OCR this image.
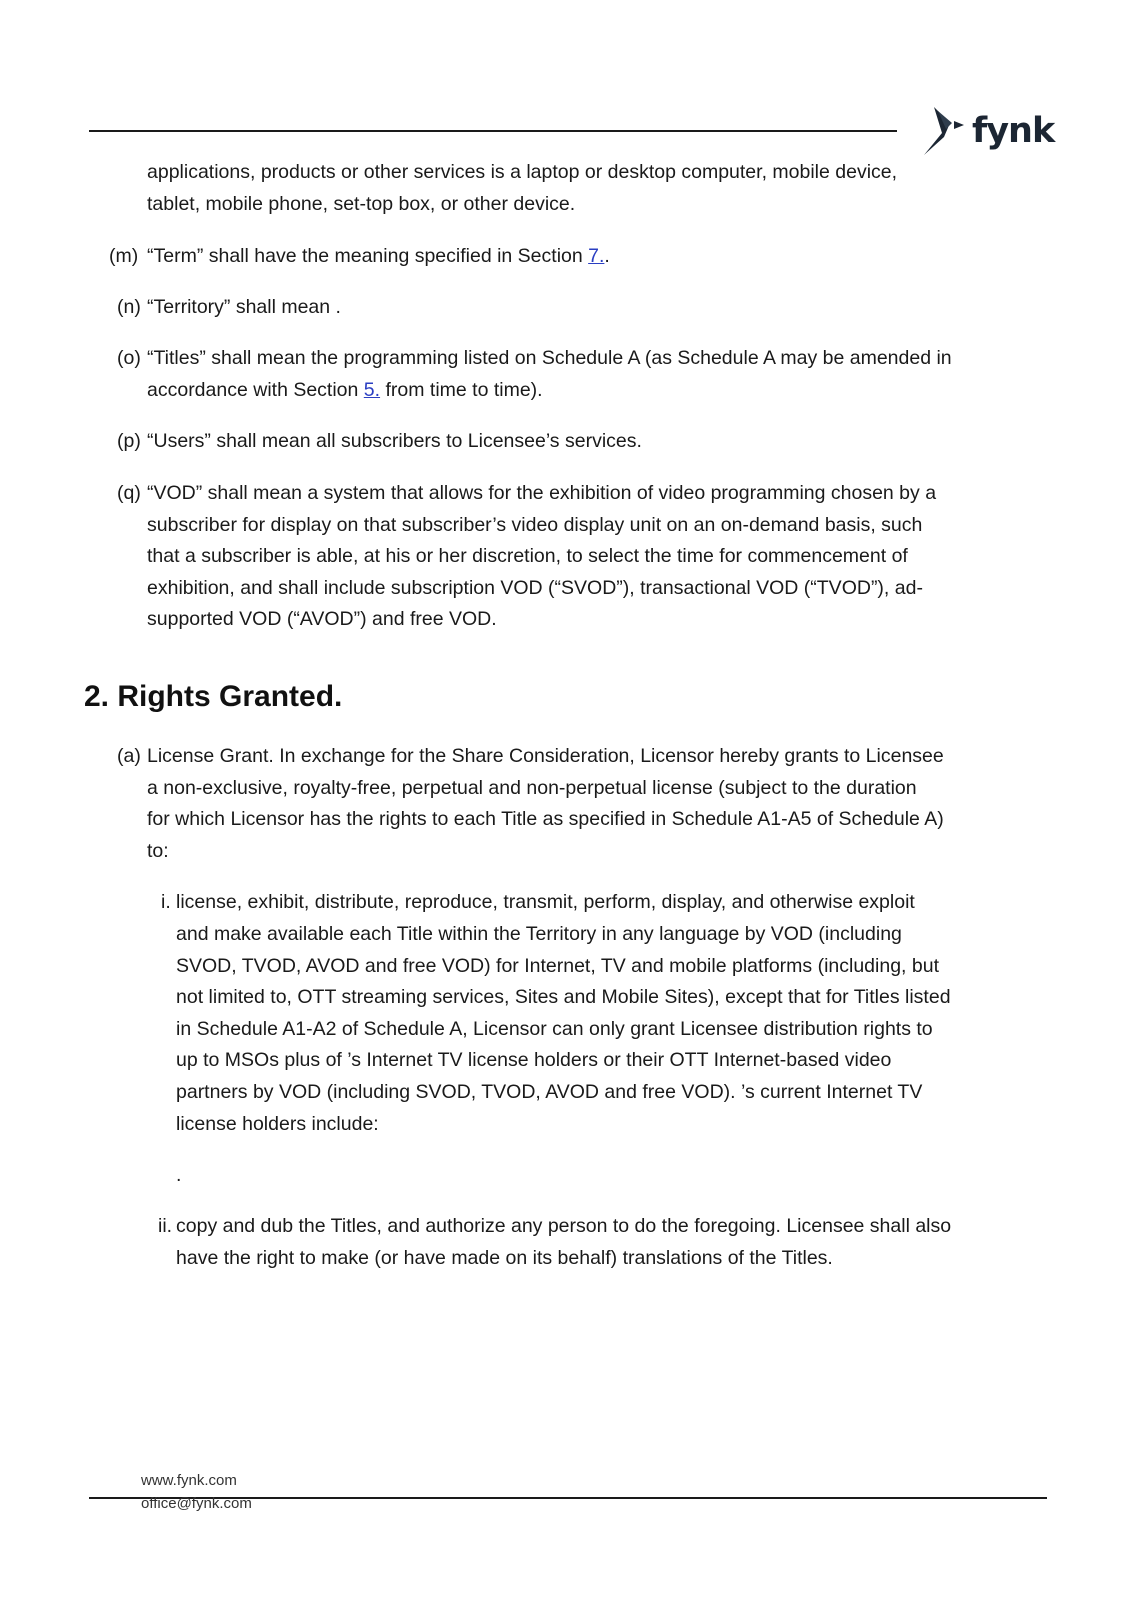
fynk
applications, products or other services is a laptop or desktop computer, mobile device,
tablet, mobile phone, set-top box, or other device.
(m) “Term” shall have the meaning specified in Section 7..
(n) “Territory” shall mean .
(o) “Titles” shall mean the programming listed on Schedule A (as Schedule A may be amended in
accordance with Section 5. from time to time).
(p) “Users” shall mean all subscribers to Licensee’s services.
(q) “VOD” shall mean a system that allows for the exhibition of video programming chosen by a
subscriber for display on that subscriber’s video display unit on an on-demand basis, such
that a subscriber is able, at his or her discretion, to select the time for commencement of
exhibition, and shall include subscription VOD (“SVOD”), transactional VOD (“TVOD”), ad-
supported VOD (“AVOD”) and free VOD.
2. Rights Granted.
(a) License Grant. In exchange for the Share Consideration, Licensor hereby grants to Licensee
a non-exclusive, royalty-free, perpetual and non-perpetual license (subject to the duration
for which Licensor has the rights to each Title as specified in Schedule A1-A5 of Schedule A)
to:
i. license, exhibit, distribute, reproduce, transmit, perform, display, and otherwise exploit
and make available each Title within the Territory in any language by VOD (including
SVOD, TVOD, AVOD and free VOD) for Internet, TV and mobile platforms (including, but
not limited to, OTT streaming services, Sites and Mobile Sites), except that for Titles listed
in Schedule A1-A2 of Schedule A, Licensor can only grant Licensee distribution rights to
up to MSOs plus of ’s Internet TV license holders or their OTT Internet-based video
partners by VOD (including SVOD, TVOD, AVOD and free VOD). ’s current Internet TV
license holders include:
.
ii. copy and dub the Titles, and authorize any person to do the foregoing. Licensee shall also
have the right to make (or have made on its behalf) translations of the Titles.
www.fynk.com
office@fynk.com
